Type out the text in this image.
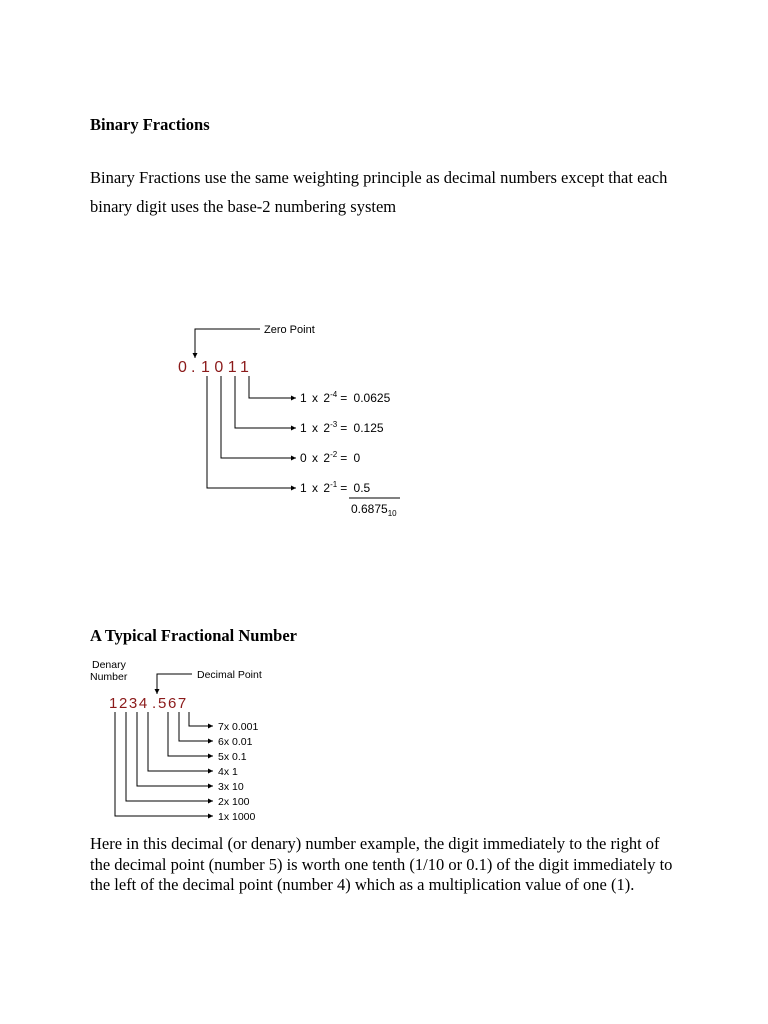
Binary Fractions
Binary Fractions use the same weighting principle as decimal numbers except that each binary digit uses the base-2 numbering system
Zero Point
0 . 1011
1 x $2^{-4} = 0.0625$
1 x $2^{-3} = 0.125$
0 x $2^{-2} = 0$
1 x $2^{-1} = 0.5$
$0.6875_{10}$
Denary
Number	Decimal Point
1234 . 567
7x 0.001
6x 0.01
5x 0.1
4x 1
3x 10
2x 100
1x 1000
A Typical Fractional Number
Here in this decimal (or denary) number example, the digit immediately to the right of the decimal point (number 5) is worth one tenth (1/10 or 0.1) of the digit immediately to the left of the decimal point (number 4) which as a multiplication value of one (1).
